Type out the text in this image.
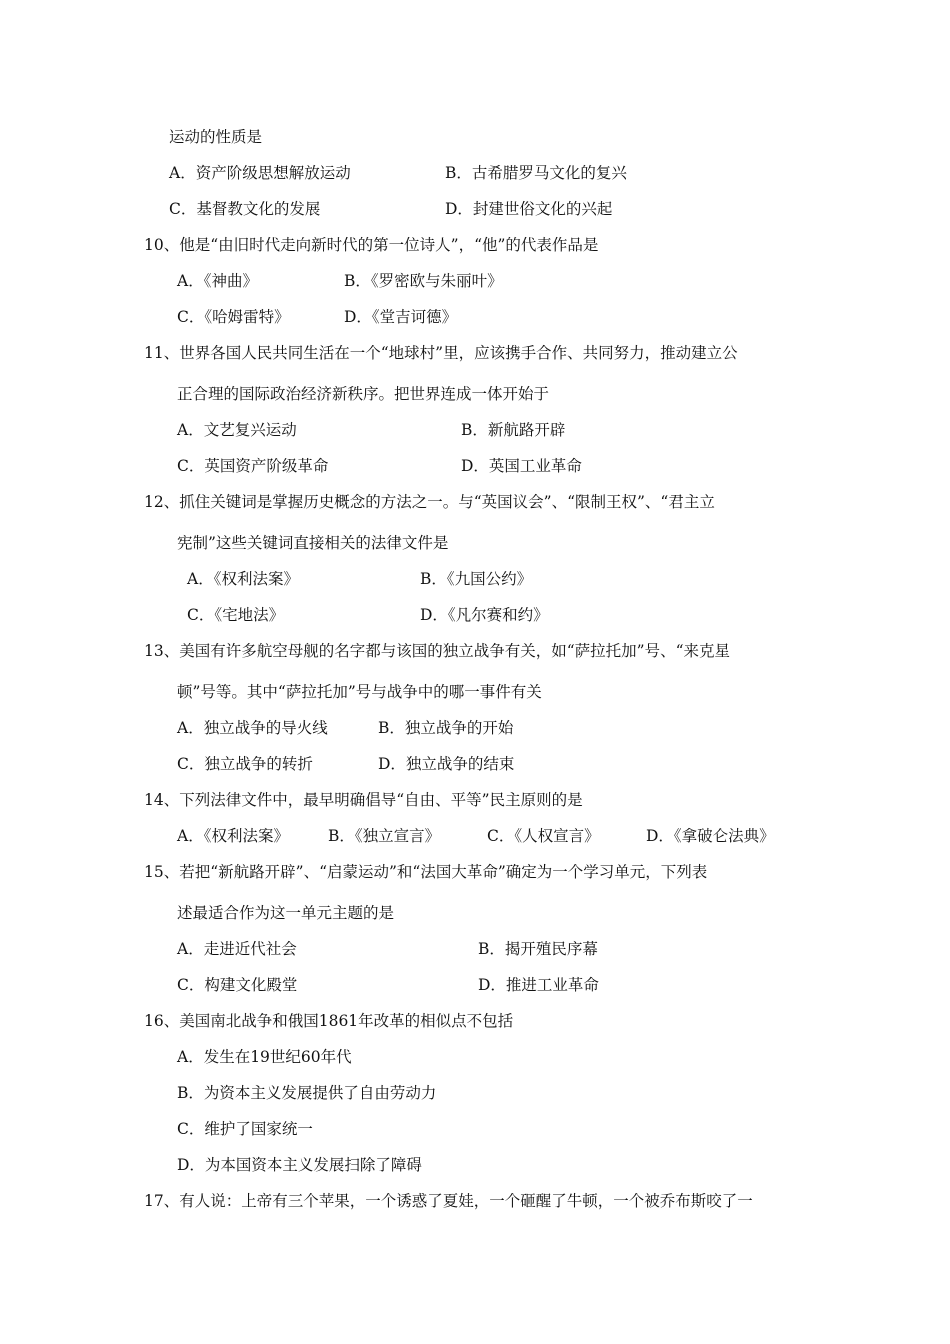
运动的性质是
A．资产阶级思想解放运动	B．古希腊罗马文化的复兴
C．基督教文化的发展	D．封建世俗文化的兴起
10、他是“由旧时代走向新时代的第一位诗人”，“他”的代表作品是
A．《神曲》	B．《罗密欧与朱丽叶》
C．《哈姆雷特》	D．《堂吉诃德》
11、世界各国人民共同生活在一个“地球村”里，应该携手合作、共同努力，推动建立公
正合理的国际政治经济新秩序。把世界连成一体开始于
A．文艺复兴运动	B．新航路开辟
C．英国资产阶级革命	D．英国工业革命
12、抓住关键词是掌握历史概念的方法之一。与“英国议会”、“限制王权”、“君主立
宪制”这些关键词直接相关的法律文件是
A．《权利法案》	B．《九国公约》
C．《宅地法》	D．《凡尔赛和约》
13、美国有许多航空母舰的名字都与该国的独立战争有关，如“萨拉托加”号、“来克星
顿”号等。其中“萨拉托加”号与战争中的哪一事件有关
A．独立战争的导火线	B．独立战争的开始
C．独立战争的转折	D．独立战争的结束
14、下列法律文件中，最早明确倡导“自由、平等”民主原则的是
A．《权利法案》	B．《独立宣言》	C．《人权宣言》	D．《拿破仑法典》
15、若把“新航路开辟”、“启蒙运动”和“法国大革命”确定为一个学习单元，下列表
述最适合作为这一单元主题的是
A．走进近代社会	B．揭开殖民序幕
C．构建文化殿堂	D．推进工业革命
16、美国南北战争和俄国1861年改革的相似点不包括
A．发生在19世纪60年代
B．为资本主义发展提供了自由劳动力
C．维护了国家统一
D．为本国资本主义发展扫除了障碍
17、有人说：上帝有三个苹果，一个诱惑了夏娃，一个砸醒了牛顿，一个被乔布斯咬了一
